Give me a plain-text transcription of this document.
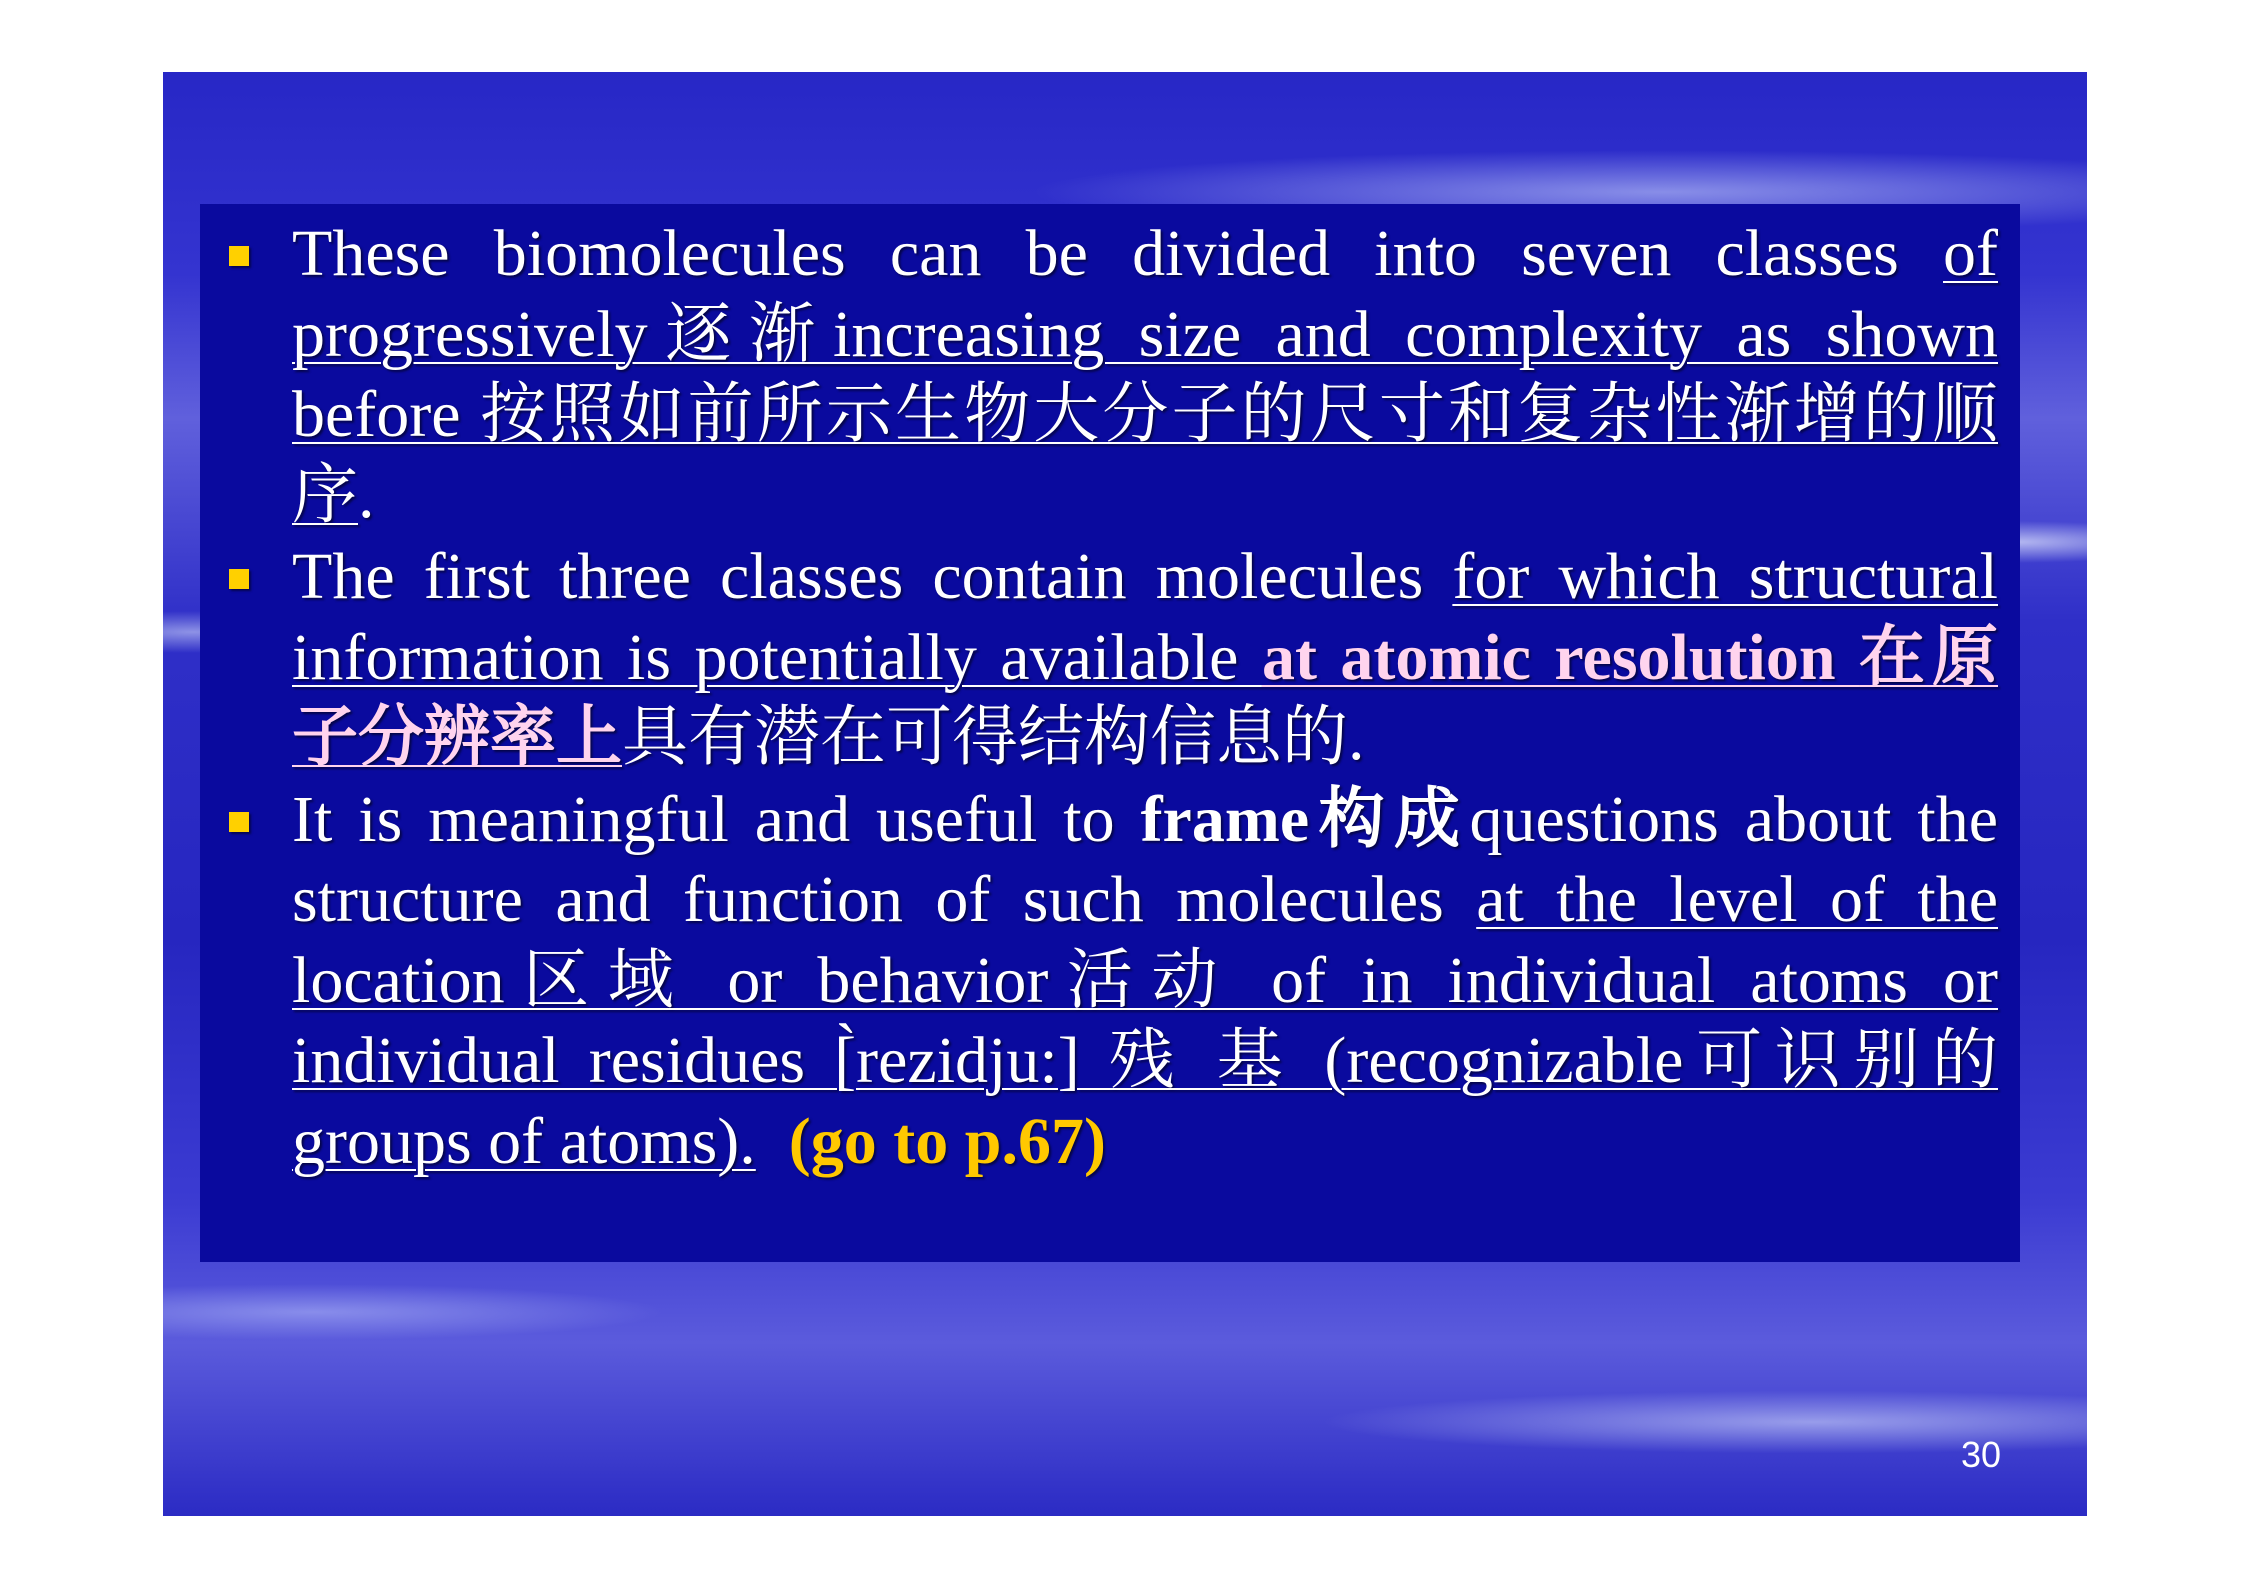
These biomolecules can be divided into seven classes of progressively逐渐increasing size and complexity as shown before 按照如前所示生物大分子的尺寸和复杂性渐增的顺序.
The first three classes contain molecules for which structural information is potentially available at atomic resolution 在原子分辨率上具有潜在可得结构信息的.
It is meaningful and useful to frame构成questions about the structure and function of such molecules at the level of the location区域 or behavior活动 of in individual atoms or individual residues [̀rezidju:] 残 基 (recognizable可识别的 groups of atoms). (go to p.67)
30
